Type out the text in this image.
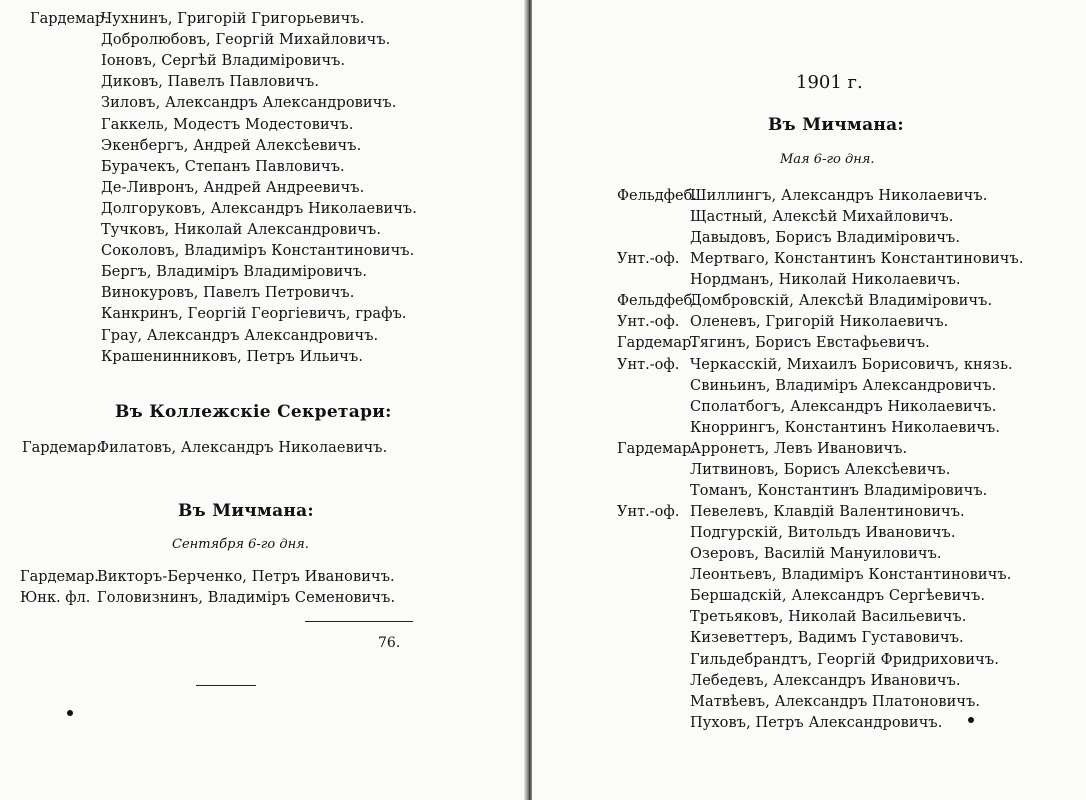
Гардемар.
Чухнинъ, Григорій Григорьевичъ.
Добролюбовъ, Георгій Михайловичъ.
Іоновъ, Сергѣй Владиміровичъ.
Диковъ, Павелъ Павловичъ.
Зиловъ, Александръ Александровичъ.
Гаккель, Модестъ Модестовичъ.
Экенбергъ, Андрей Алексѣевичъ.
Бурачекъ, Степанъ Павловичъ.
Де-Ливронъ, Андрей Андреевичъ.
Долгоруковъ, Александръ Николаевичъ.
Тучковъ, Николай Александровичъ.
Соколовъ, Владиміръ Константиновичъ.
Бергъ, Владиміръ Владиміровичъ.
Винокуровъ, Павелъ Петровичъ.
Канкринъ, Георгій Георгіевичъ, графъ.
Грау, Александръ Александровичъ.
Крашенинниковъ, Петръ Ильичъ.
Въ Коллежскіе Секретари:
Гардемар.
Филатовъ, Александръ Николаевичъ.
Въ Мичмана:
Сентября 6-го дня.
Гардемар.
Викторъ-Берченко, Петръ Ивановичъ.
Юнк. фл. Головизнинъ, Владиміръ Семеновичъ.
76.
1901 г.
Въ Мичмана:
Мая 6-го дня.
Фельдфеб.
Шиллингъ, Александръ Николаевичъ.
Щастный, Алексѣй Михайловичъ.
Давыдовъ, Борисъ Владиміровичъ.
Унт.-оф. Мертваго, Константинъ Константиновичъ.
Нордманъ, Николай Николаевичъ.
Фельдфеб.
Домбровскій, Алексѣй Владиміровичъ.
Унт.-оф. Оленевъ, Григорій Николаевичъ.
Гардемар.
Тягинъ, Борисъ Евстафьевичъ.
Унт.-оф. Черкасскій, Михаилъ Борисовичъ, князь.
Свиньинъ, Владиміръ Александровичъ.
Сполатбогъ, Александръ Николаевичъ.
Кноррингъ, Константинъ Николаевичъ.
Гардемар.
Арронетъ, Левъ Ивановичъ.
Литвиновъ, Борисъ Алексѣевичъ.
Томанъ, Константинъ Владиміровичъ.
Унт.-оф. Певелевъ, Клавдій Валентиновичъ.
Подгурскій, Витольдъ Ивановичъ.
Озеровъ, Василій Мануиловичъ.
Леонтьевъ, Владиміръ Константиновичъ.
Бершадскій, Александръ Сергѣевичъ.
Третьяковъ, Николай Васильевичъ.
Кизеветтеръ, Вадимъ Густавовичъ.
Гильдебрандтъ, Георгій Фридриховичъ.
Лебедевъ, Александръ Ивановичъ.
Матвѣевъ, Александръ Платоновичъ.
Пуховъ, Петръ Александровичъ.
